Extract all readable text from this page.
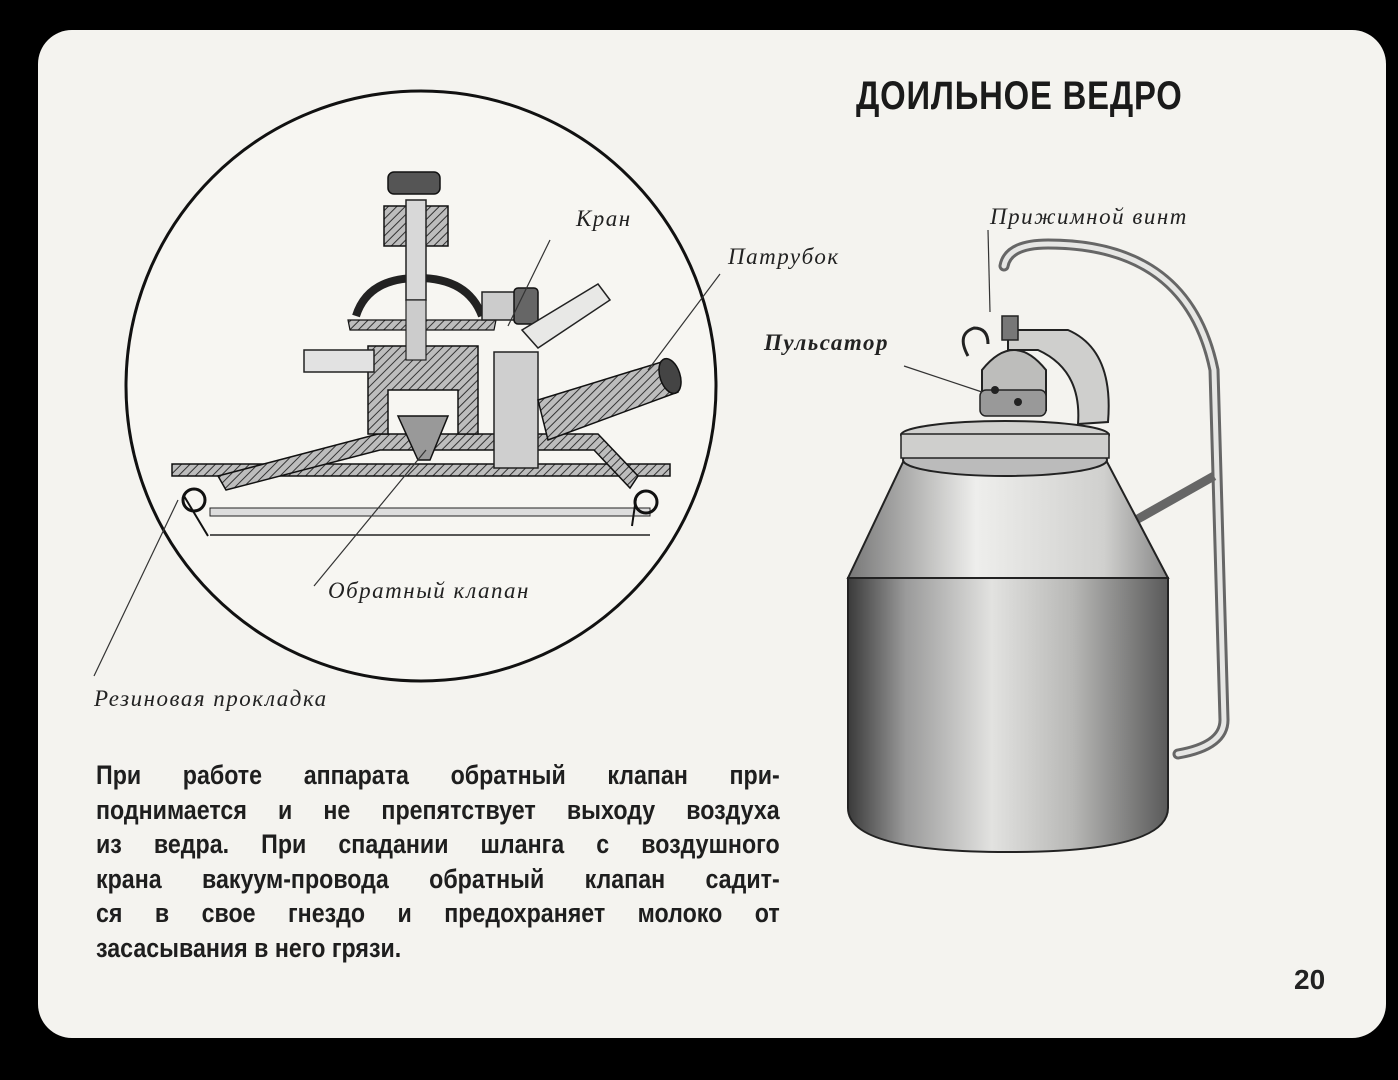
ДОИЛЬНОЕ ВЕДРО
Кран
Патрубок
Обратный клапан
Резиновая прокладка
Прижимной винт
Пульсатор
При работе аппарата обратный клапан при-
поднимается и не препятствует выходу воздуха
из ведра. При спадании шланга с воздушного
крана вакуум-провода обратный клапан садит-
ся в свое гнездо и предохраняет молоко от
засасывания в него грязи.
20
